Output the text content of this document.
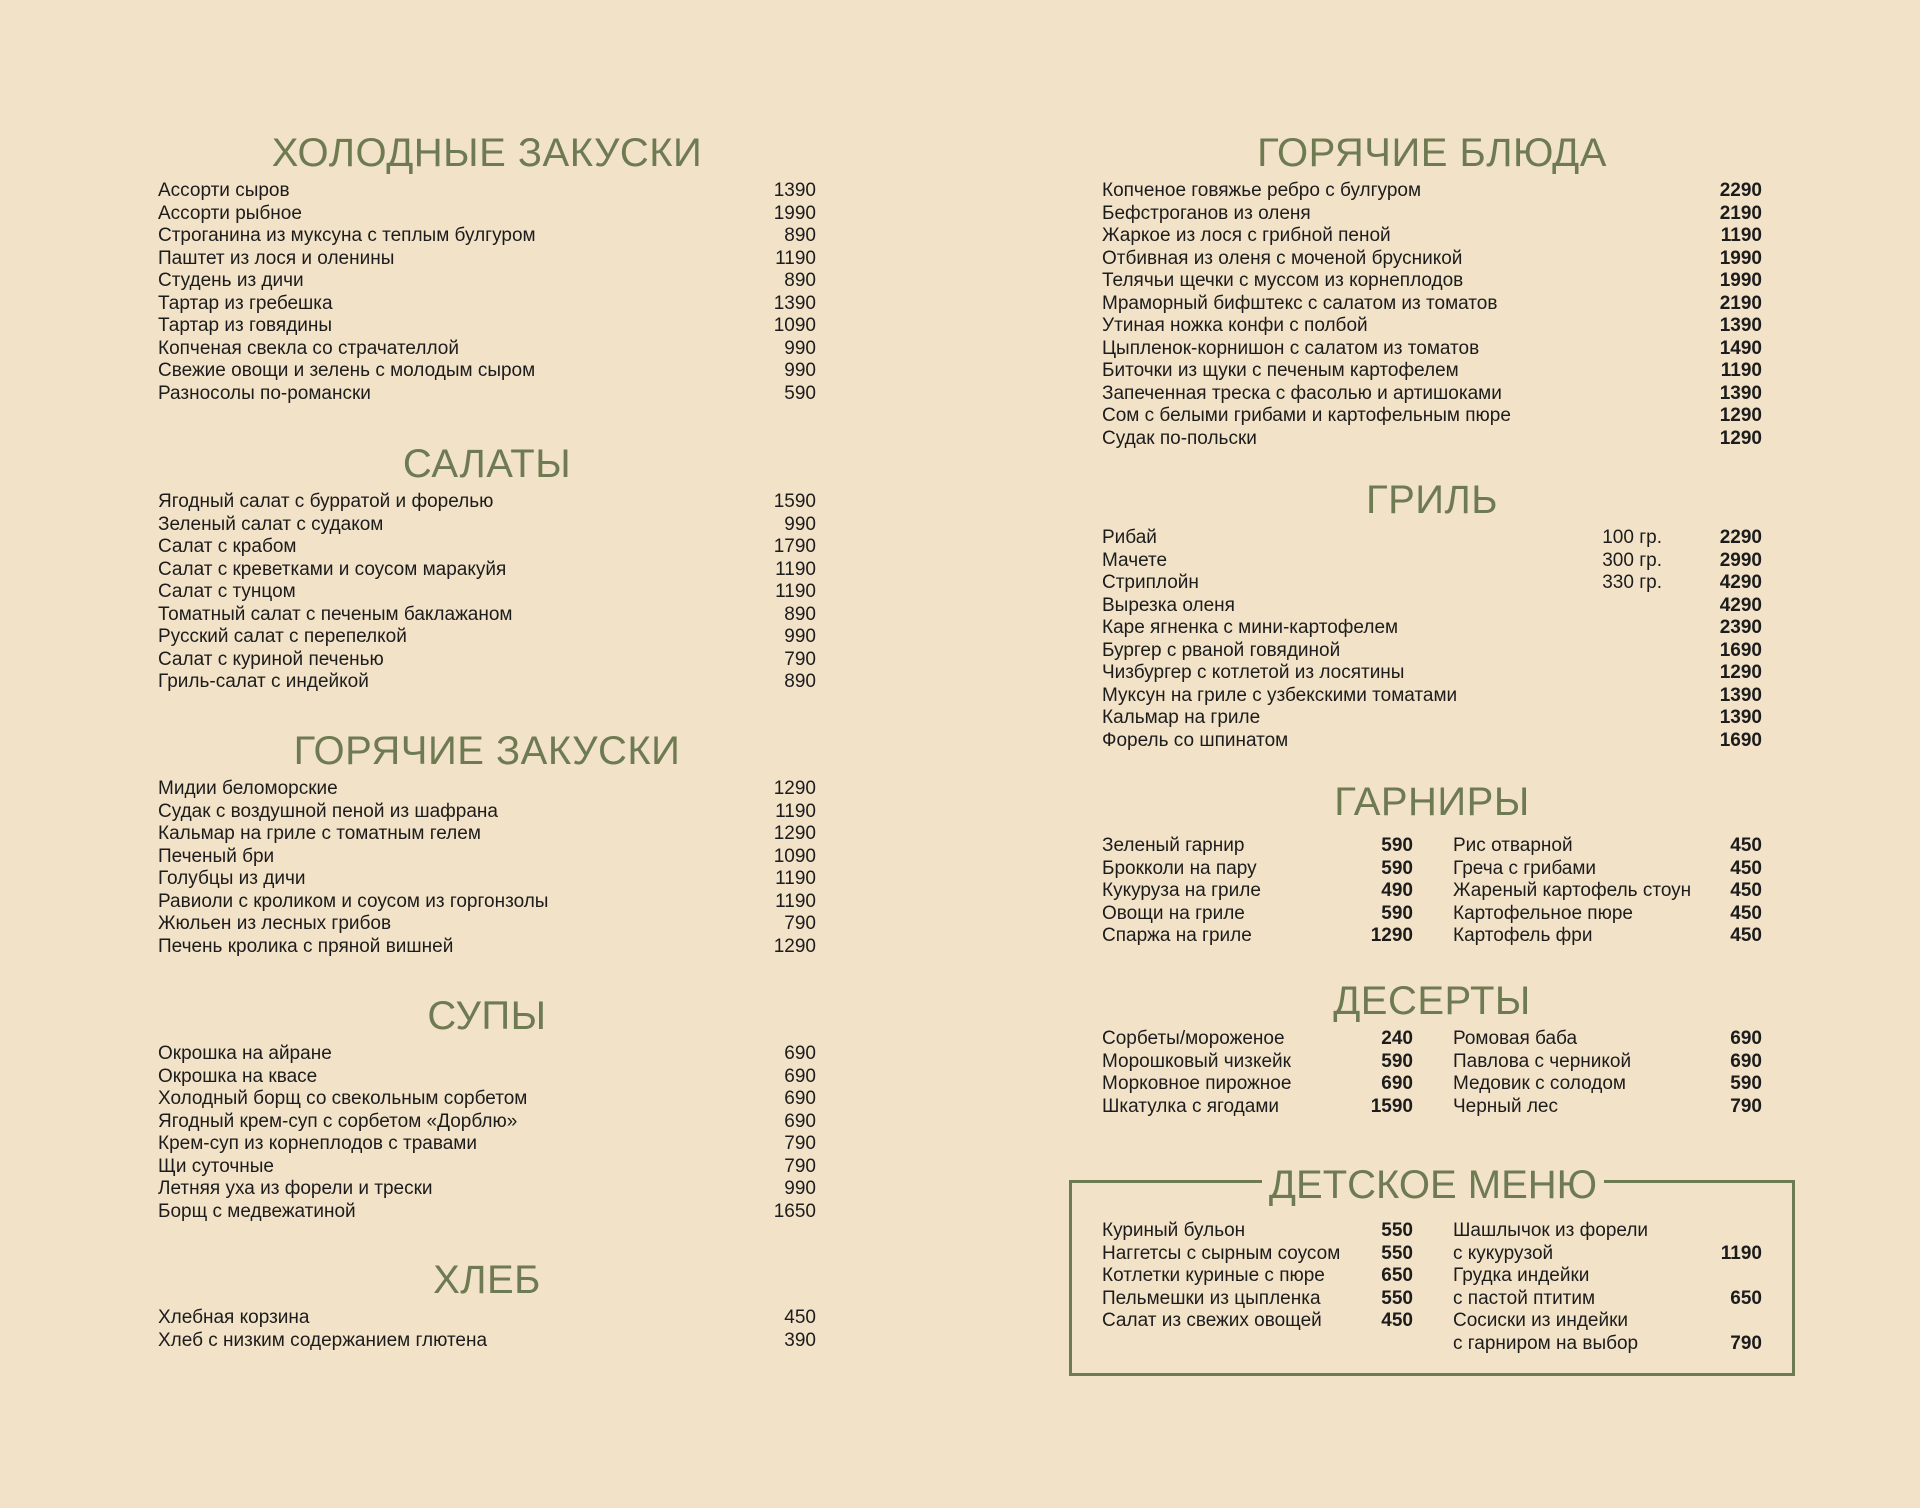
ХОЛОДНЫЕ ЗАКУСКИ
Ассорти сыров	1390
Ассорти рыбное	1990
Строганина из муксуна с теплым булгуром	890
Паштет из лося и оленины	1190
Студень из дичи	890
Тартар из гребешка	1390
Тартар из говядины	1090
Копченая свекла со страчателлой	990
Свежие овощи и зелень с молодым сыром	990
Разносолы по-романски	590
САЛАТЫ
Ягодный салат с бурратой и форелью	1590
Зеленый салат с судаком	990
Салат с крабом	1790
Салат с креветками и соусом маракуйя	1190
Салат с тунцом	1190
Томатный салат с печеным баклажаном	890
Русский салат с перепелкой	990
Салат с куриной печенью	790
Гриль-салат с индейкой	890
ГОРЯЧИЕ ЗАКУСКИ
Мидии беломорские	1290
Судак с воздушной пеной из шафрана	1190
Кальмар на гриле с томатным гелем	1290
Печеный бри	1090
Голубцы из дичи	1190
Равиоли с кроликом и соусом из горгонзолы	1190
Жюльен из лесных грибов	790
Печень кролика с пряной вишней	1290
СУПЫ
Окрошка на айране	690
Окрошка на квасе	690
Холодный борщ со свекольным сорбетом	690
Ягодный крем-суп с сорбетом «Дорблю»	690
Крем-суп из корнеплодов с травами	790
Щи суточные	790
Летняя уха из форели и трески	990
Борщ с медвежатиной	1650
ХЛЕБ
Хлебная корзина	450
Хлеб с низким содержанием глютена	390
ГОРЯЧИЕ БЛЮДА
Копченое говяжье ребро с булгуром	2290
Бефстроганов из оленя	2190
Жаркое из лося с грибной пеной	1190
Отбивная из оленя с моченой брусникой	1990
Телячьи щечки с муссом из корнеплодов	1990
Мраморный бифштекс с салатом из томатов	2190
Утиная ножка конфи с полбой	1390
Цыпленок-корнишон с салатом из томатов	1490
Биточки из щуки с печеным картофелем	1190
Запеченная треска с фасолью и артишоками	1390
Сом с белыми грибами и картофельным пюре	1290
Судак по-польски	1290
ГРИЛЬ
Рибай	100 гр.	2290
Мачете	300 гр.	2990
Стриплойн	330 гр.	4290
Вырезка оленя	4290
Каре ягненка с мини-картофелем	2390
Бургер с рваной говядиной	1690
Чизбургер с котлетой из лосятины	1290
Муксун на гриле с узбекскими томатами	1390
Кальмар на гриле	1390
Форель со шпинатом	1690
ГАРНИРЫ
Зеленый гарнир	590
Брокколи на пару	590
Кукуруза на гриле	490
Овощи на гриле	590
Спаржа на гриле	1290
Рис отварной	450
Греча с грибами	450
Жареный картофель стоун 450
Картофельное пюре	450
Картофель фри	450
ДЕСЕРТЫ
Сорбеты/мороженое	240
Морошковый чизкейк	590
Морковное пирожное	690
Шкатулка с ягодами	1590
Ромовая баба	690
Павлова с черникой	690
Медовик с солодом	590
Черный лес	790
ДЕТСКОЕ МЕНЮ
Куриный бульон	550
Наггетсы с сырным соусом 550
Котлетки куриные с пюре	650
Пельмешки из цыпленка	550
Салат из свежих овощей	450
Шашлычок из форели
с кукурузой	1190
Грудка индейки
с пастой птитим	650
Сосиски из индейки
с гарниром на выбор	790
